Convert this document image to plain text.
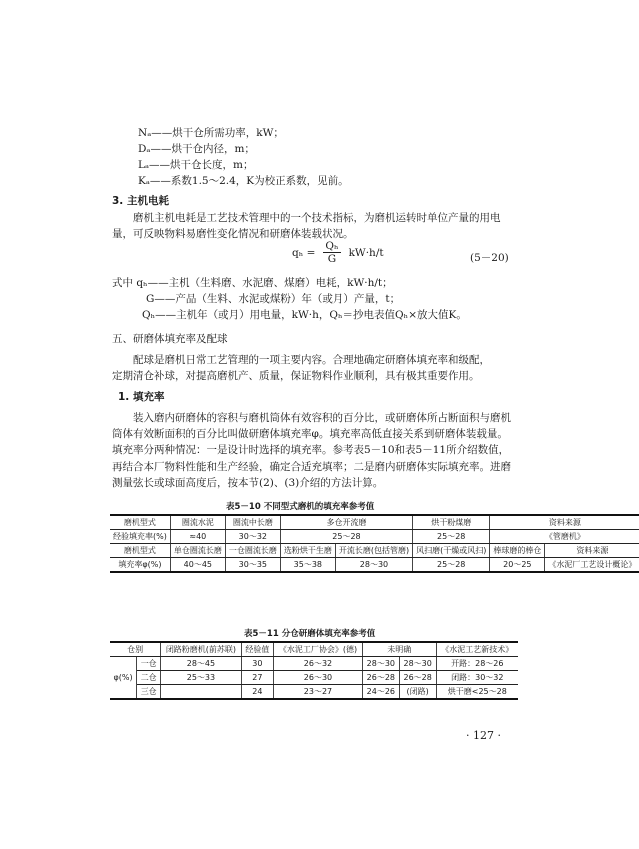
Nₐ——烘干仓所需功率，kW；
Dₐ——烘干仓内径，m；
Lₐ——烘干仓长度，m；
Kₐ——系数1.5～2.4，K为校正系数，见前。
3. 主机电耗
磨机主机电耗是工艺技术管理中的一个技术指标，为磨机运转时单位产量的用电
量，可反映物料易磨性变化情况和研磨体装载状况。
$q_h = \frac{\text{Qₕ}}{G} kW\cdot h/t$	(5－20)
式中 qₕ——主机（生料磨、水泥磨、煤磨）电耗，kW·h/t；
G——产品（生料、水泥或煤粉）年（或月）产量，t；
Qₕ——主机年（或月）用电量，kW·h，Qₕ＝抄电表值Qₕ×放大值K。
五、研磨体填充率及配球
配球是磨机日常工艺管理的一项主要内容。合理地确定研磨体填充率和级配，
定期清仓补球，对提高磨机产、质量，保证物料作业顺利，具有极其重要作用。
1. 填充率
装入磨内研磨体的容积与磨机筒体有效容积的百分比，或研磨体所占断面积与磨机
筒体有效断面积的百分比叫做研磨体填充率φ。填充率高低直接关系到研磨体装载量。
填充率分两种情况：一是设计时选择的填充率。参考表5－10和表5－11所介绍数值，
再结合本厂物料性能和生产经验，确定合适充填率；二是磨内研磨体实际填充率。进磨
测量弦长或球面高度后，按本节(2)、(3)介绍的方法计算。
表5－10 不同型式磨机的填充率参考值
磨机型式	圈流水泥	圈流中长磨	多仓开流磨		烘干粉煤磨	资料来源	
经验填充率(%)	≈40	30～32	25～28		25～28	《管磨机》	
磨机型式	单仓圈流长磨	一仓圈流长磨	选粉烘干生磨	开流长磨(包括管磨)	风扫磨(干燥或风扫)	棒球磨的棒仓	资料来源
填充率φ(%)	40～45	30～35	35～38	28～30	25～28	20～25	《水泥厂工艺设计概论》
表5－11 分仓研磨体填充率参考值
仓别		闭路粉磨机(前苏联)	经验值	《水泥工厂协会》(德)	未明确		《水泥工艺新技术》
φ(%)	一仓	28～45	30	26～32	28～30	28～30	开路：28～26
	二仓	25～33	27	26～30	26～28	26～28	闭路：30～32
	三仓		24	23～27	24～26	(闭路)	烘干磨<25～28
· 127 ·
